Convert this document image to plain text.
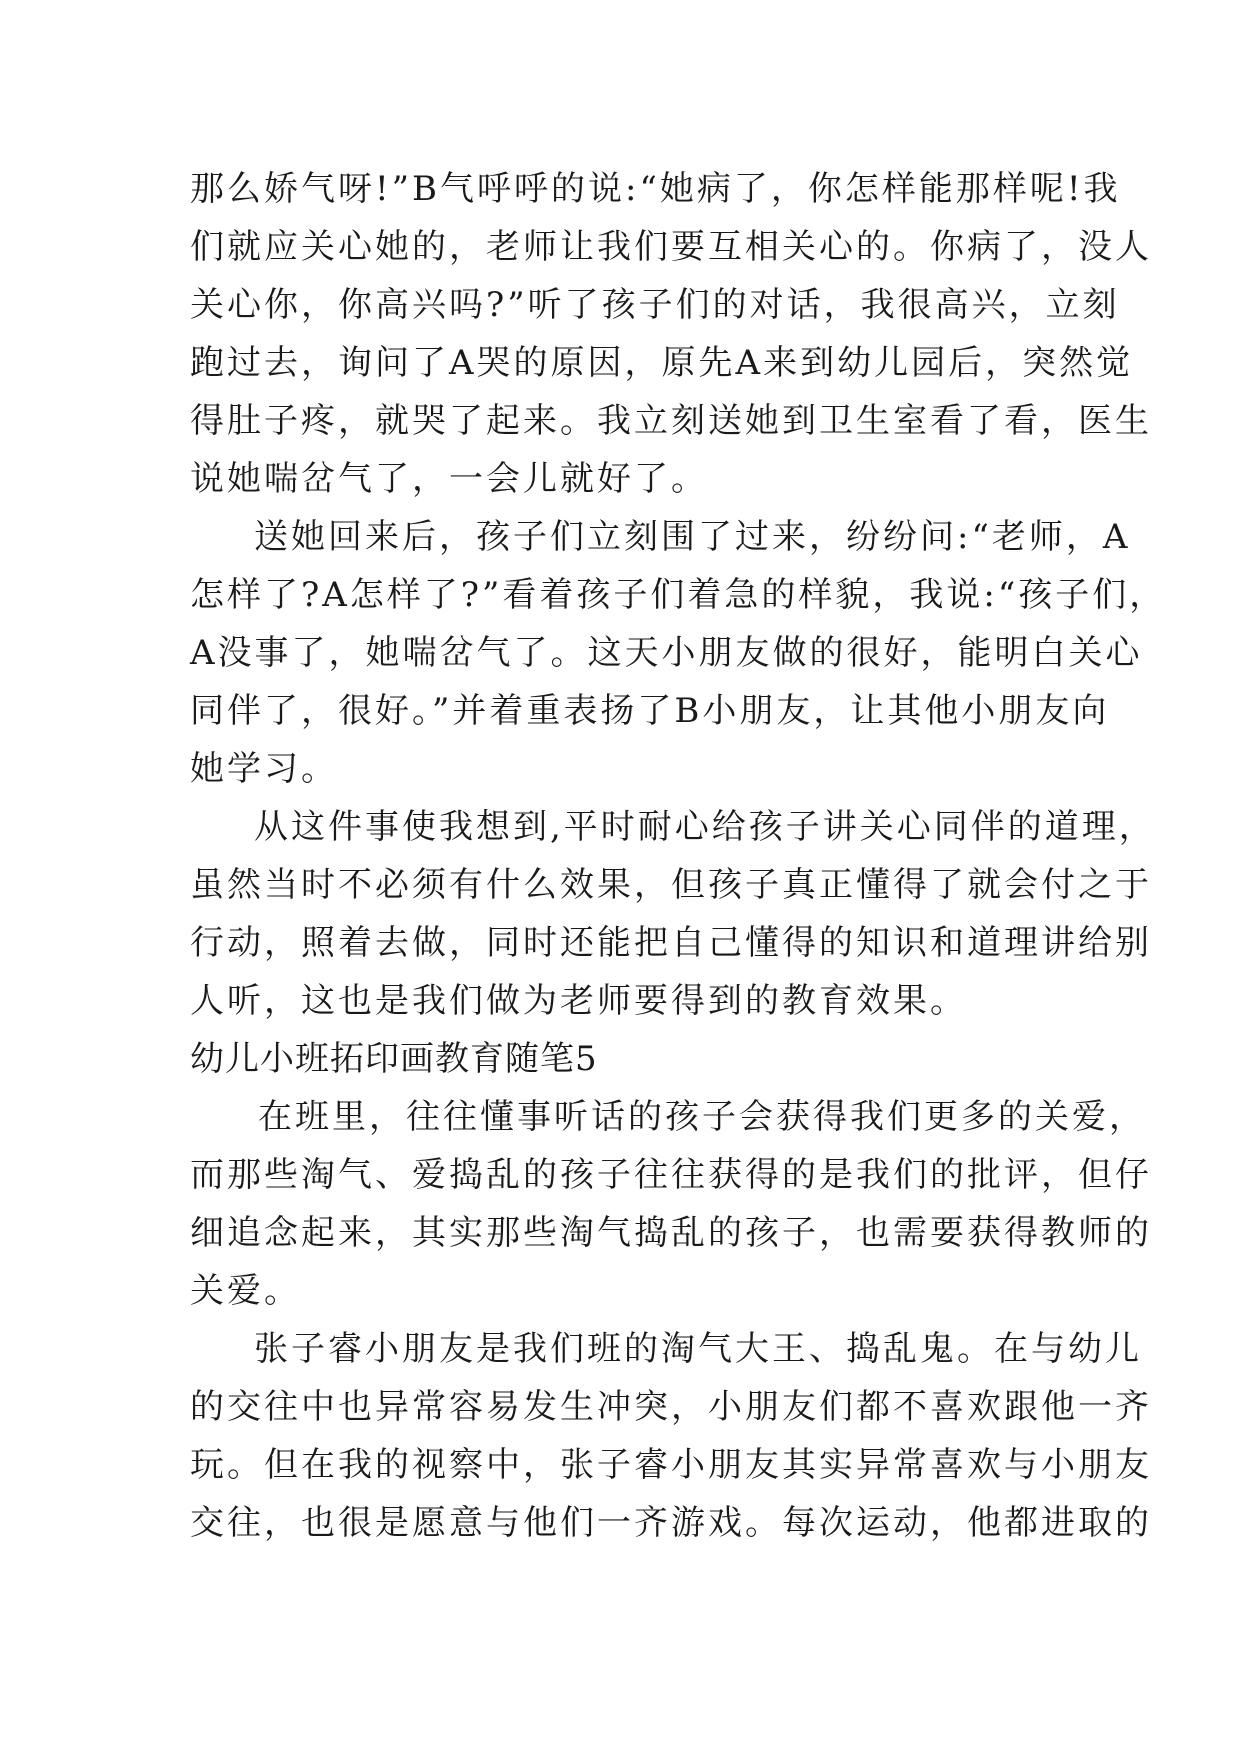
那么娇气呀!”B气呼呼的说:“她病了，你怎样能那样呢!我
们就应关心她的，老师让我们要互相关心的。你病了，没人
关心你，你高兴吗?”听了孩子们的对话，我很高兴，立刻
跑过去，询问了A哭的原因，原先A来到幼儿园后，突然觉
得肚子疼，就哭了起来。我立刻送她到卫生室看了看，医生
说她喘岔气了，一会儿就好了。
送她回来后，孩子们立刻围了过来，纷纷问:“老师，A
怎样了?A怎样了?”看着孩子们着急的样貌，我说:“孩子们，
A没事了，她喘岔气了。这天小朋友做的很好，能明白关心
同伴了，很好。”并着重表扬了B小朋友，让其他小朋友向
她学习。
从这件事使我想到,平时耐心给孩子讲关心同伴的道理，
虽然当时不必须有什么效果，但孩子真正懂得了就会付之于
行动，照着去做，同时还能把自己懂得的知识和道理讲给别
人听，这也是我们做为老师要得到的教育效果。
幼儿小班拓印画教育随笔5
在班里，往往懂事听话的孩子会获得我们更多的关爱，
而那些淘气、爱捣乱的孩子往往获得的是我们的批评，但仔
细追念起来，其实那些淘气捣乱的孩子，也需要获得教师的
关爱。
张子睿小朋友是我们班的淘气大王、捣乱鬼。在与幼儿
的交往中也异常容易发生冲突，小朋友们都不喜欢跟他一齐
玩。但在我的视察中，张子睿小朋友其实异常喜欢与小朋友
交往，也很是愿意与他们一齐游戏。每次运动，他都进取的
